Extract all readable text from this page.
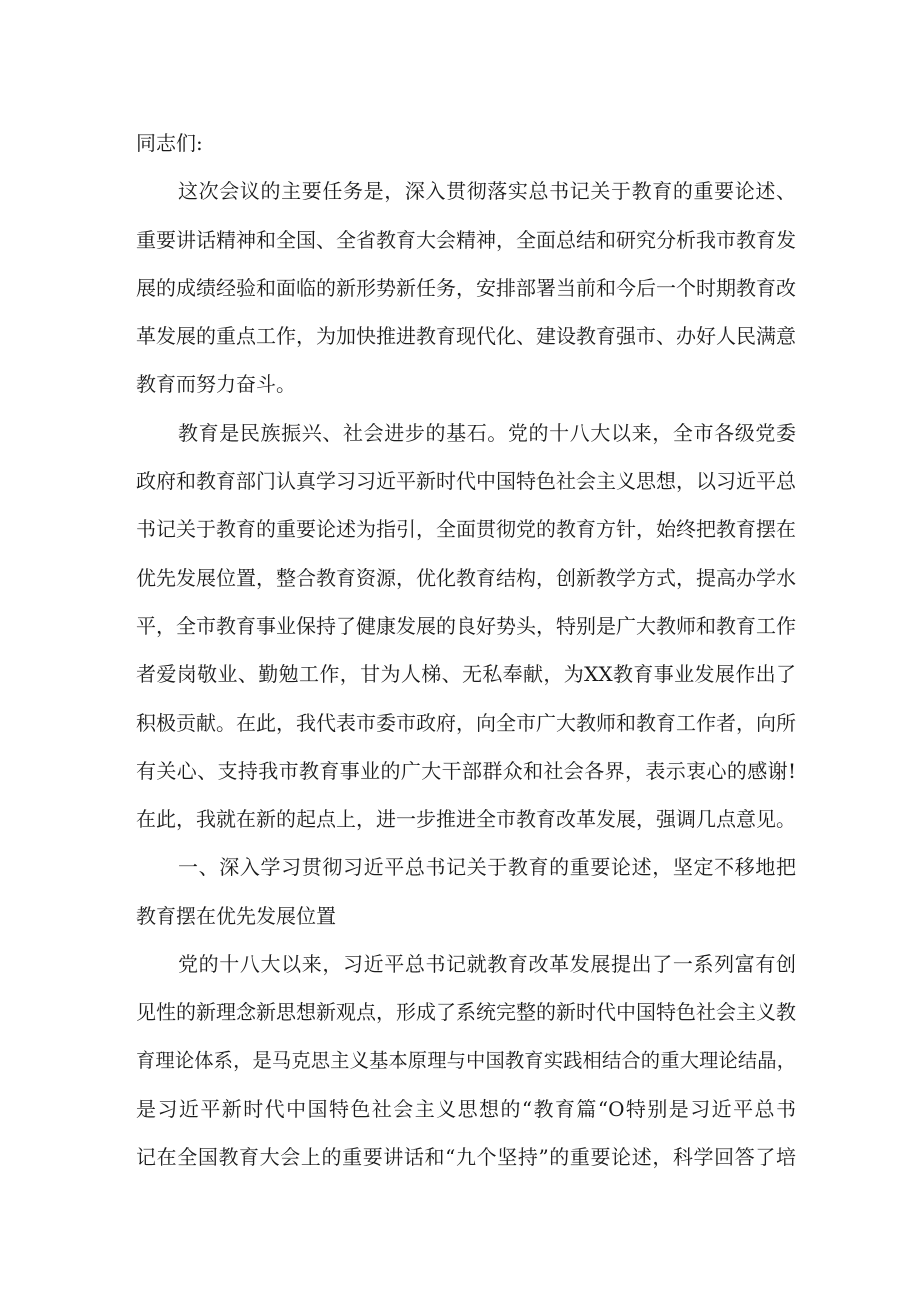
同志们:
这次会议的主要任务是，深入贯彻落实总书记关于教育的重要论述、
重要讲话精神和全国、全省教育大会精神，全面总结和研究分析我市教育发
展的成绩经验和面临的新形势新任务，安排部署当前和今后一个时期教育改
革发展的重点工作，为加快推进教育现代化、建设教育强市、办好人民满意
教育而努力奋斗。
教育是民族振兴、社会进步的基石。党的十八大以来，全市各级党委
政府和教育部门认真学习习近平新时代中国特色社会主义思想，以习近平总
书记关于教育的重要论述为指引，全面贯彻党的教育方针，始终把教育摆在
优先发展位置，整合教育资源，优化教育结构，创新教学方式，提高办学水
平，全市教育事业保持了健康发展的良好势头，特别是广大教师和教育工作
者爱岗敬业、勤勉工作，甘为人梯、无私奉献，为XX教育事业发展作出了
积极贡献。在此，我代表市委市政府，向全市广大教师和教育工作者，向所
有关心、支持我市教育事业的广大干部群众和社会各界，表示衷心的感谢!
在此，我就在新的起点上，进一步推进全市教育改革发展，强调几点意见。
一、深入学习贯彻习近平总书记关于教育的重要论述，坚定不移地把
教育摆在优先发展位置
党的十八大以来，习近平总书记就教育改革发展提出了一系列富有创
见性的新理念新思想新观点，形成了系统完整的新时代中国特色社会主义教
育理论体系，是马克思主义基本原理与中国教育实践相结合的重大理论结晶，
是习近平新时代中国特色社会主义思想的“教育篇“O特别是习近平总书
记在全国教育大会上的重要讲话和“九个坚持”的重要论述，科学回答了培
